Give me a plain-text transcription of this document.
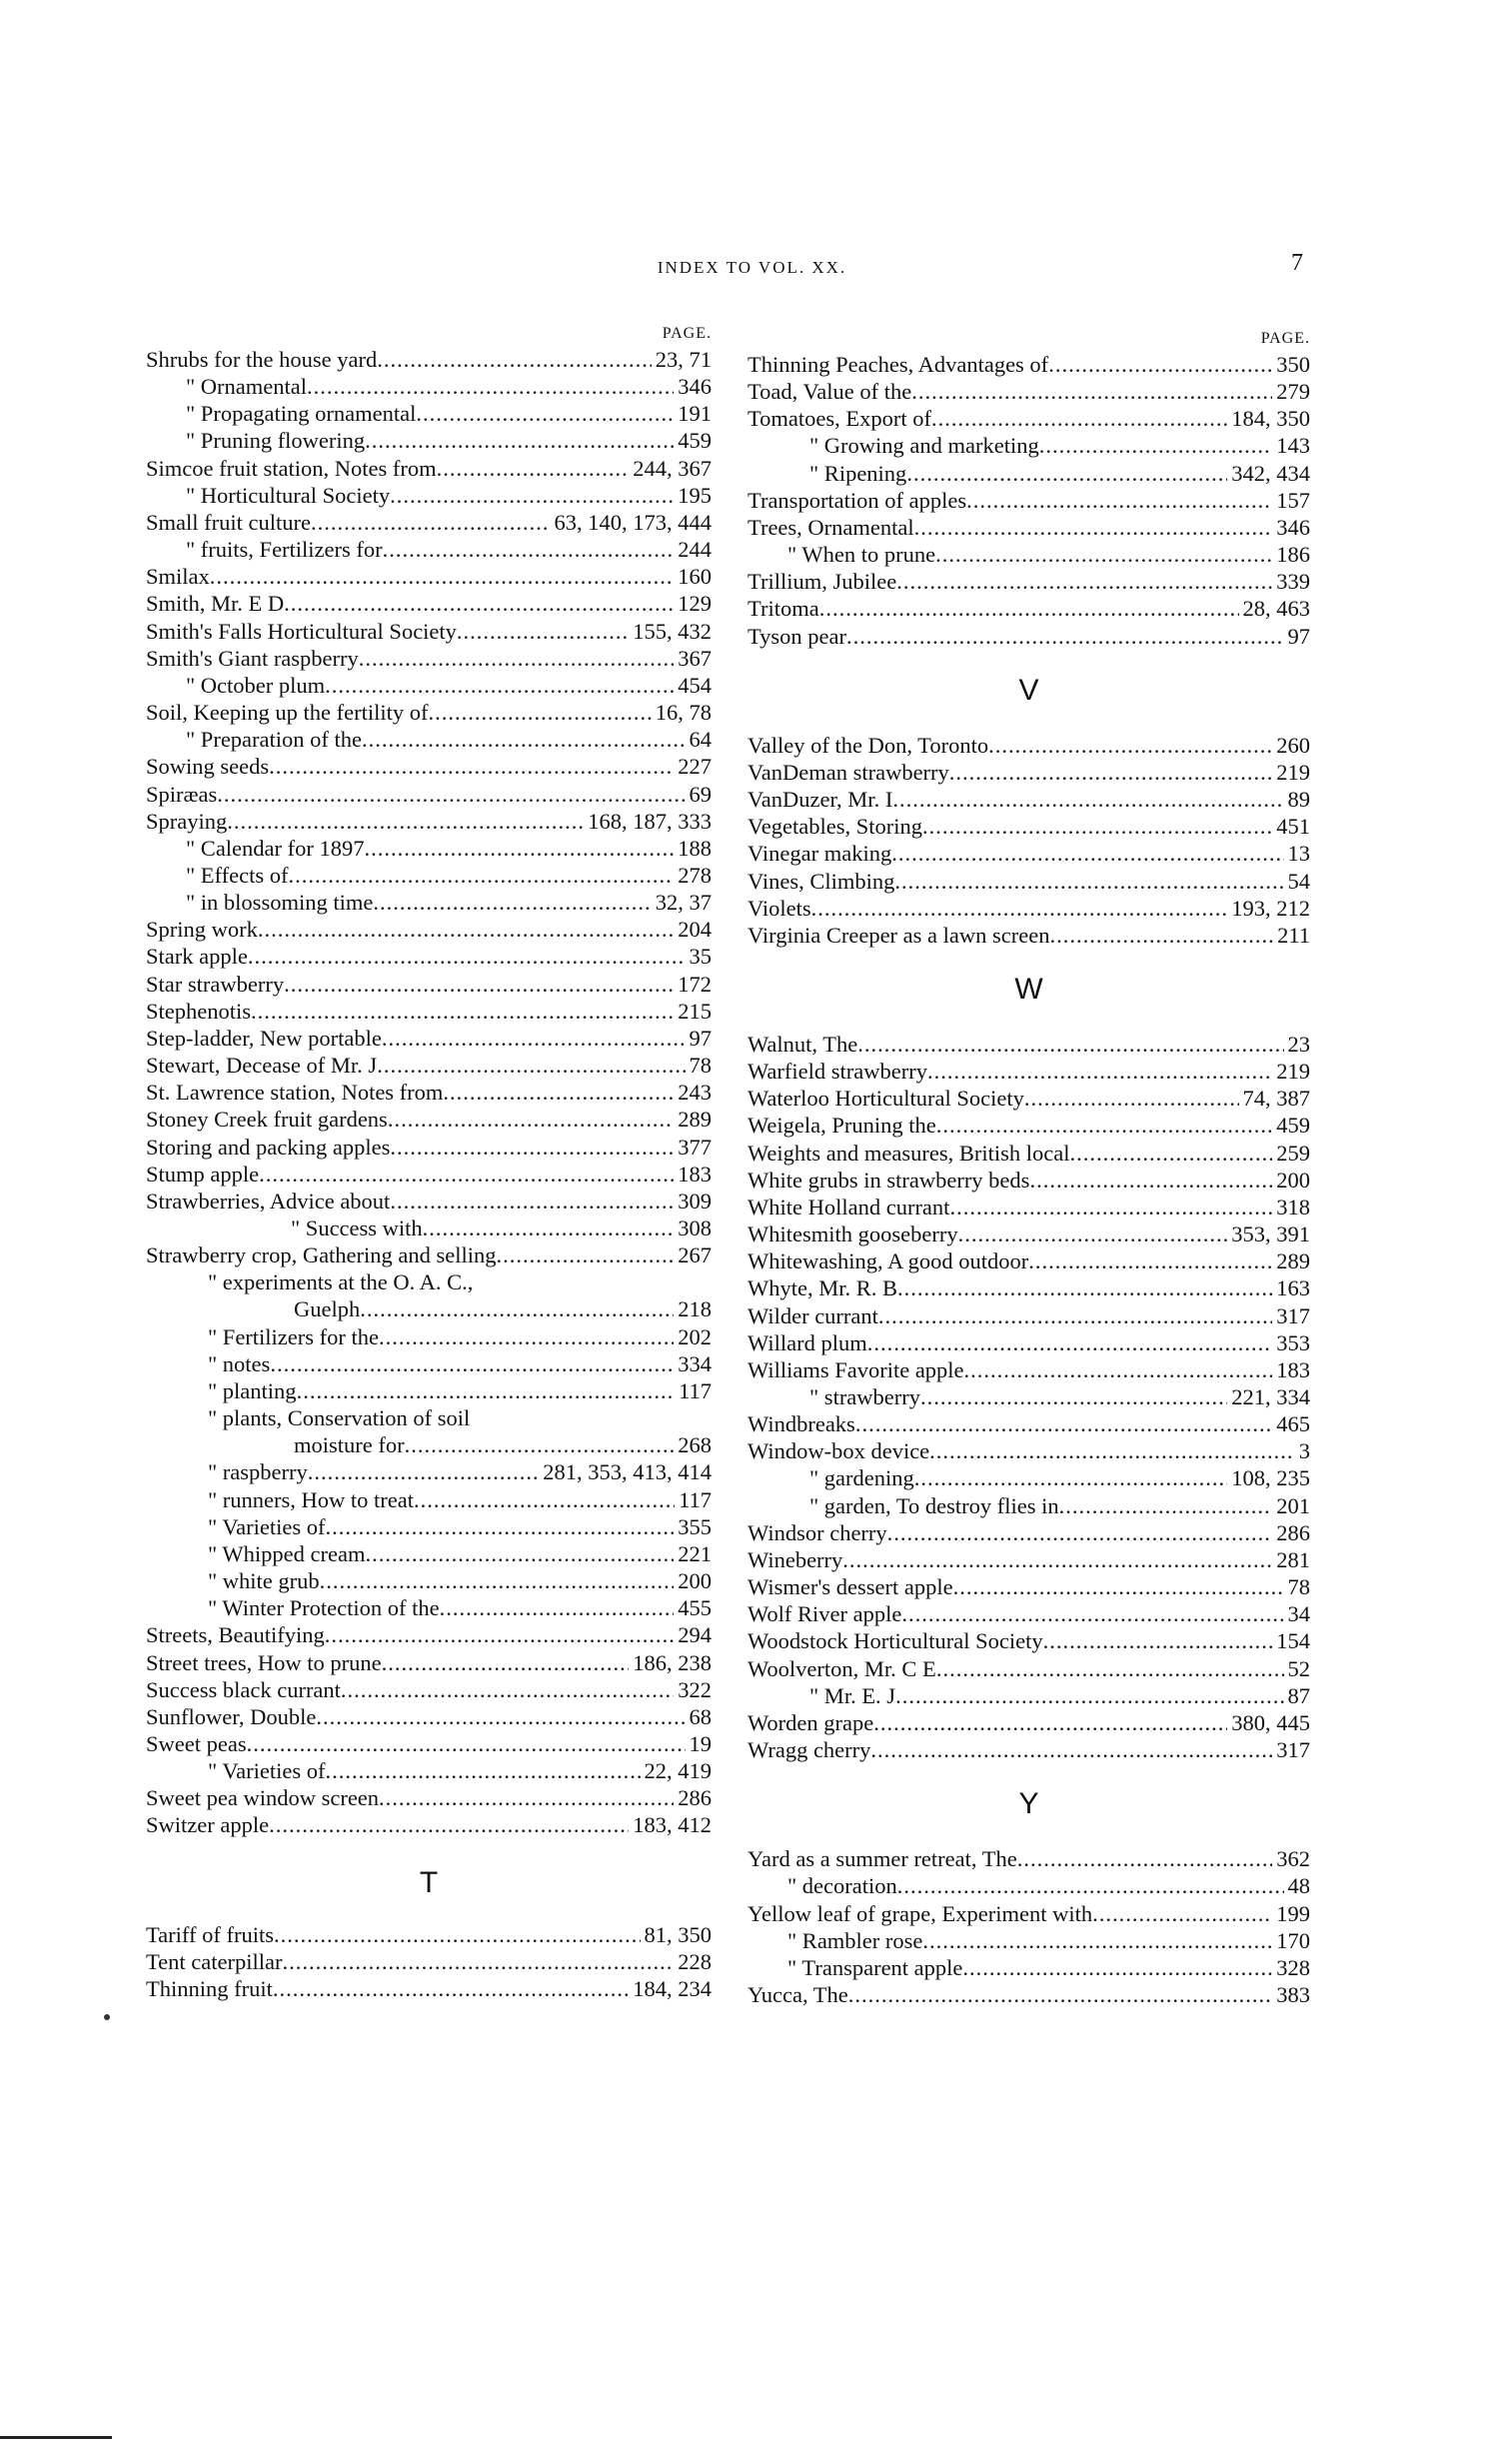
INDEX TO VOL. XX.	7
PAGE.
Shrubs for the house yard .....	23, 71
" Ornamental .....	346
" Propagating ornamental .....	191
" Pruning flowering .....	459
Simcoe fruit station, Notes from .....	244, 367
" Horticultural Society .....	195
Small fruit culture .....	63, 140, 173, 444
" fruits, Fertilizers for .....	244
Smilax .....	160
Smith, Mr. E D .....	129
Smith's Falls Horticultural Society .....	155, 432
Smith's Giant raspberry .....	367
" October plum .....	454
Soil, Keeping up the fertility of .....	16, 78
" Preparation of the .....	64
Sowing seeds .....	227
Spiræas .....	69
Spraying .....	168, 187, 333
" Calendar for 1897 .....	188
" Effects of .....	278
" in blossoming time .....	32, 37
Spring work .....	204
Stark apple .....	35
Star strawberry .....	172
Stephenotis .....	215
Step-ladder, New portable .....	97
Stewart, Decease of Mr. J .....	78
St. Lawrence station, Notes from .....	243
Stoney Creek fruit gardens .....	289
Storing and packing apples .....	377
Stump apple .....	183
Strawberries, Advice about .....	309
" Success with .....	308
Strawberry crop, Gathering and selling .....	267
" experiments at the O. A. C.,
Guelph .....	218
" Fertilizers for the .....	202
" notes .....	334
" planting .....	117
" plants, Conservation of soil
moisture for .....	268
" raspberry .....	281, 353, 413, 414
" runners, How to treat .....	117
" Varieties of .....	355
" Whipped cream .....	221
" white grub .....	200
" Winter Protection of the .....	455
Streets, Beautifying .....	294
Street trees, How to prune .....	186, 238
Success black currant .....	322
Sunflower, Double .....	68
Sweet peas .....	19
" Varieties of .....	22, 419
Sweet pea window screen .....	286
Switzer apple .....	183, 412
T
Tariff of fruits .....	81, 350
Tent caterpillar .....	228
Thinning fruit .....	184, 234
PAGE.
Thinning Peaches, Advantages of .....	350
Toad, Value of the .....	279
Tomatoes, Export of .....	184, 350
" Growing and marketing .....	143
" Ripening .....	342, 434
Transportation of apples .....	157
Trees, Ornamental .....	346
" When to prune .....	186
Trillium, Jubilee .....	339
Tritoma .....	28, 463
Tyson pear .....	97
V
Valley of the Don, Toronto .....	260
VanDeman strawberry .....	219
VanDuzer, Mr. I .....	89
Vegetables, Storing .....	451
Vinegar making .....	13
Vines, Climbing .....	54
Violets .....	193, 212
Virginia Creeper as a lawn screen .....	211
W
Walnut, The .....	23
Warfield strawberry .....	219
Waterloo Horticultural Society .....	74, 387
Weigela, Pruning the .....	459
Weights and measures, British local .....	259
White grubs in strawberry beds .....	200
White Holland currant .....	318
Whitesmith gooseberry .....	353, 391
Whitewashing, A good outdoor .....	289
Whyte, Mr. R. B .....	163
Wilder currant .....	317
Willard plum .....	353
Williams Favorite apple .....	183
" strawberry .....	221, 334
Windbreaks .....	465
Window-box device .....	3
" gardening .....	108, 235
" garden, To destroy flies in .....	201
Windsor cherry .....	286
Wineberry .....	281
Wismer's dessert apple .....	78
Wolf River apple .....	34
Woodstock Horticultural Society .....	154
Woolverton, Mr. C E .....	52
" Mr. E. J .....	87
Worden grape .....	380, 445
Wragg cherry .....	317
Y
Yard as a summer retreat, The .....	362
" decoration .....	48
Yellow leaf of grape, Experiment with .....	199
" Rambler rose .....	170
" Transparent apple .....	328
Yucca, The .....	383
